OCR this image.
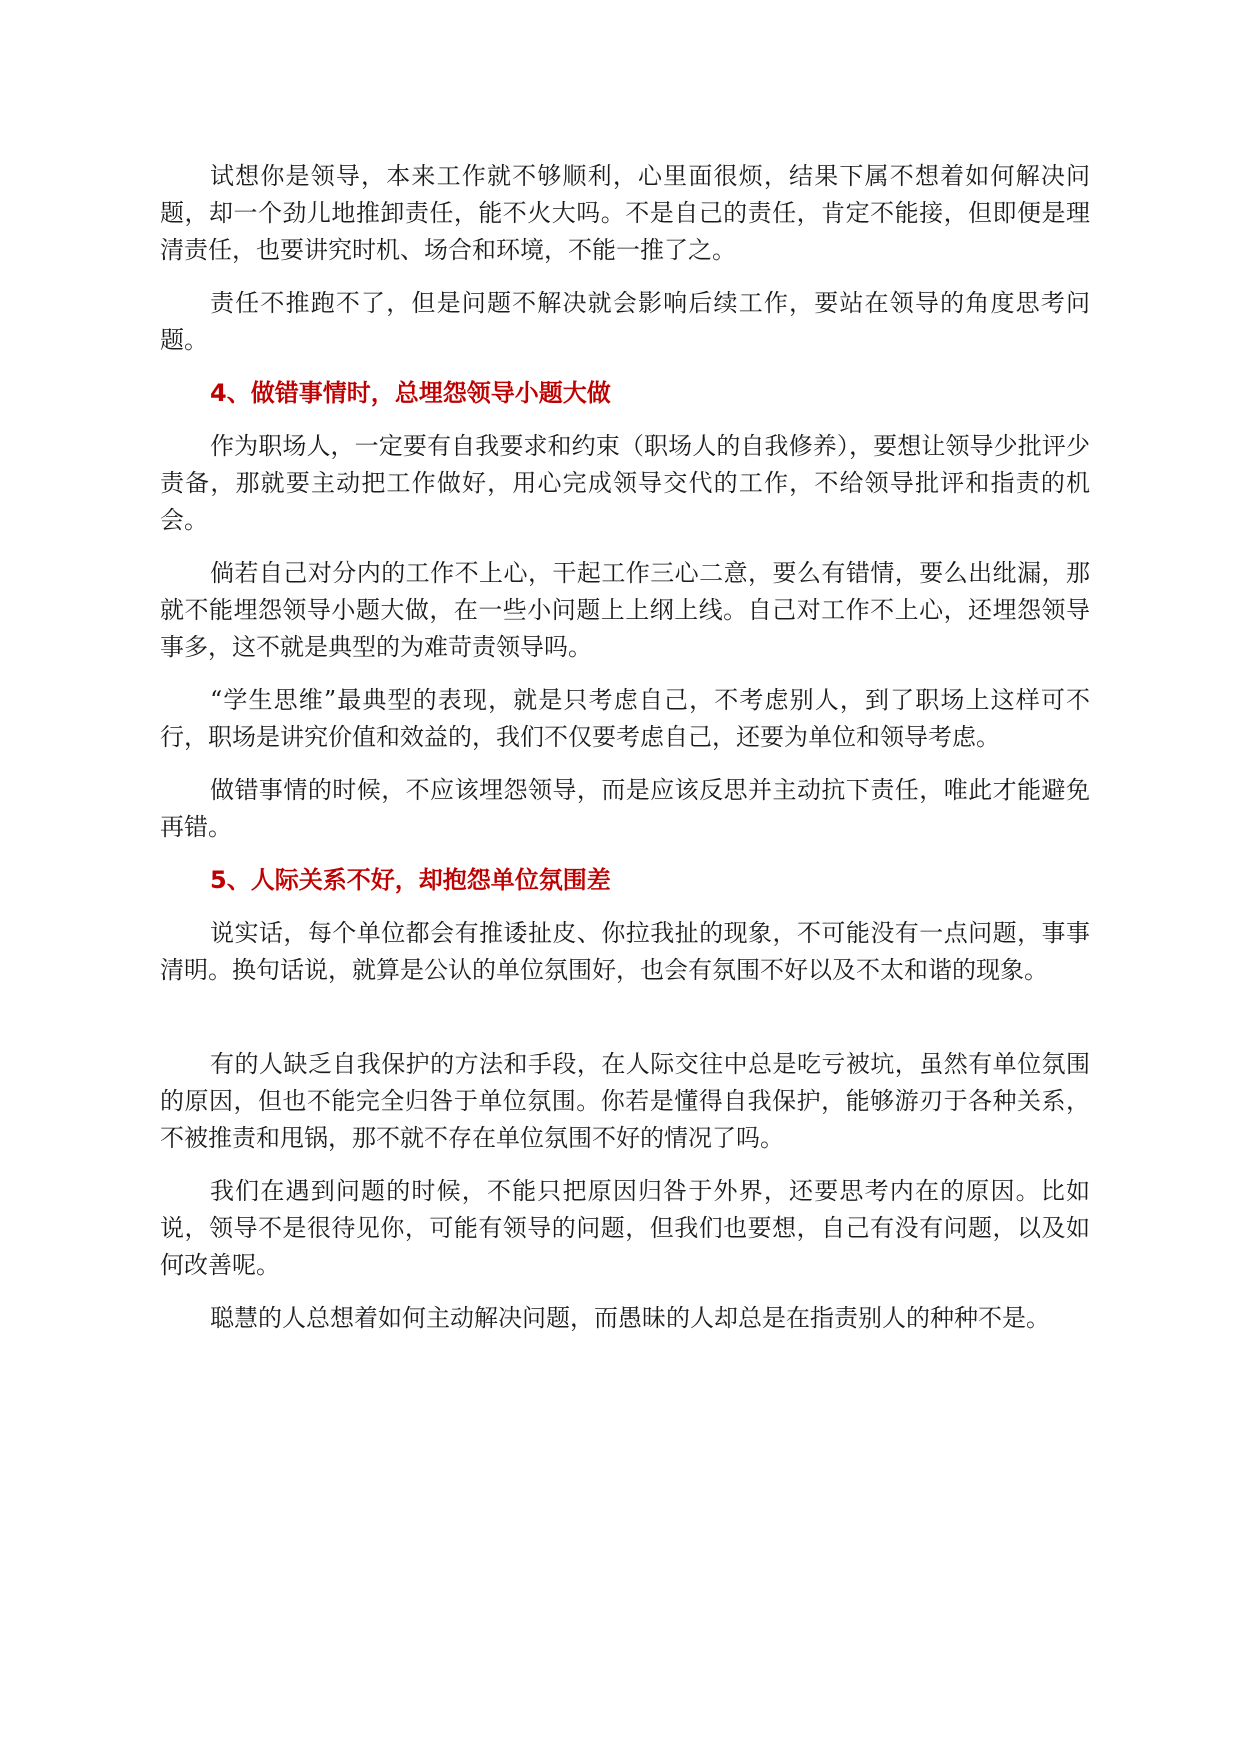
试想你是领导，本来工作就不够顺利，心里面很烦，结果下属不想着如何解决问题，却一个劲儿地推卸责任，能不火大吗。不是自己的责任，肯定不能接，但即便是理清责任，也要讲究时机、场合和环境，不能一推了之。

责任不推跑不了，但是问题不解决就会影响后续工作，要站在领导的角度思考问题。

4、做错事情时，总埋怨领导小题大做

作为职场人，一定要有自我要求和约束（职场人的自我修养），要想让领导少批评少责备，那就要主动把工作做好，用心完成领导交代的工作，不给领导批评和指责的机会。

倘若自己对分内的工作不上心，干起工作三心二意，要么有错情，要么出纰漏，那就不能埋怨领导小题大做，在一些小问题上上纲上线。自己对工作不上心，还埋怨领导事多，这不就是典型的为难苛责领导吗。

“学生思维”最典型的表现，就是只考虑自己，不考虑别人，到了职场上这样可不行，职场是讲究价值和效益的，我们不仅要考虑自己，还要为单位和领导考虑。

做错事情的时候，不应该埋怨领导，而是应该反思并主动抗下责任，唯此才能避免再错。

5、人际关系不好，却抱怨单位氛围差

说实话，每个单位都会有推诿扯皮、你拉我扯的现象，不可能没有一点问题，事事清明。换句话说，就算是公认的单位氛围好，也会有氛围不好以及不太和谐的现象。

有的人缺乏自我保护的方法和手段，在人际交往中总是吃亏被坑，虽然有单位氛围的原因，但也不能完全归咎于单位氛围。你若是懂得自我保护，能够游刃于各种关系，不被推责和甩锅，那不就不存在单位氛围不好的情况了吗。

我们在遇到问题的时候，不能只把原因归咎于外界，还要思考内在的原因。比如说，领导不是很待见你，可能有领导的问题，但我们也要想，自己有没有问题，以及如何改善呢。

聪慧的人总想着如何主动解决问题，而愚昧的人却总是在指责别人的种种不是。
